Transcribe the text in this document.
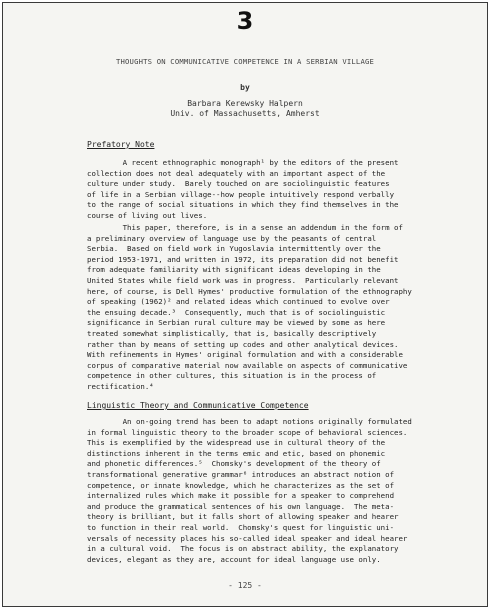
3
THOUGHTS ON COMMUNICATIVE COMPETENCE IN A SERBIAN VILLAGE
by
Barbara Kerewsky Halpern
Univ. of Massachusetts, Amherst
Prefatory Note
A recent ethnographic monograph¹ by the editors of the present
collection does not deal adequately with an important aspect of the
culture under study.  Barely touched on are sociolinguistic features
of life in a Serbian village--how people intuitively respond verbally
to the range of social situations in which they find themselves in the
course of living out lives.
This paper, therefore, is in a sense an addendum in the form of
a preliminary overview of language use by the peasants of central
Serbia.  Based on field work in Yugoslavia intermittently over the
period 1953-1971, and written in 1972, its preparation did not benefit
from adequate familiarity with significant ideas developing in the
United States while field work was in progress.  Particularly relevant
here, of course, is Dell Hymes' productive formulation of the ethnography
of speaking (1962)² and related ideas which continued to evolve over
the ensuing decade.³  Consequently, much that is of sociolinguistic
significance in Serbian rural culture may be viewed by some as here
treated somewhat simplistically, that is, basically descriptively
rather than by means of setting up codes and other analytical devices.
With refinements in Hymes' original formulation and with a considerable
corpus of comparative material now available on aspects of communicative
competence in other cultures, this situation is in the process of
rectification.⁴
Linguistic Theory and Communicative Competence
An on-going trend has been to adapt notions originally formulated
in formal linguistic theory to the broader scope of behavioral sciences.
This is exemplified by the widespread use in cultural theory of the
distinctions inherent in the terms emic and etic, based on phonemic
and phonetic differences.⁵  Chomsky's development of the theory of
transformational generative grammar⁶ introduces an abstract notion of
competence, or innate knowledge, which he characterizes as the set of
internalized rules which make it possible for a speaker to comprehend
and produce the grammatical sentences of his own language.  The meta-
theory is brilliant, but it falls short of allowing speaker and hearer
to function in their real world.  Chomsky's quest for linguistic uni-
versals of necessity places his so-called ideal speaker and ideal hearer
in a cultural void.  The focus is on abstract ability, the explanatory
devices, elegant as they are, account for ideal language use only.
- 125 -
